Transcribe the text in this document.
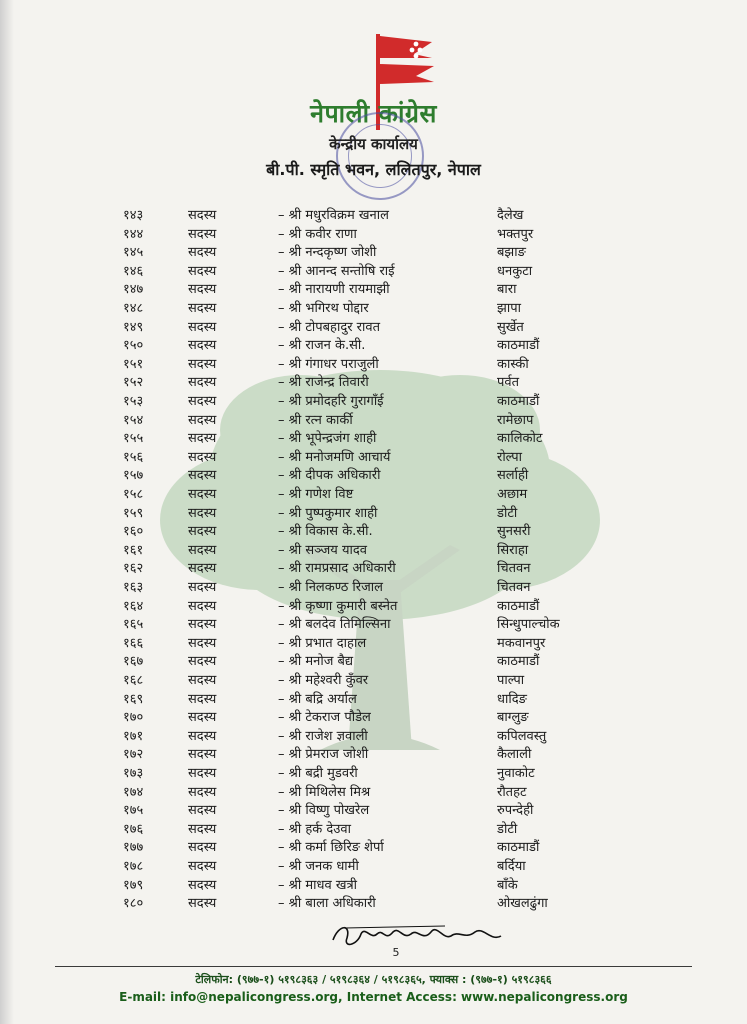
नेपाली कांग्रेस
केन्द्रीय कार्यालय
बी.पी. स्मृति भवन, ललितपुर, नेपाल
१४३	सदस्य	– श्री मधुरविक्रम खनाल	दैलेख
१४४	सदस्य	– श्री कवीर राणा	भक्तपुर
१४५	सदस्य	– श्री नन्दकृष्ण जोशी	बझाङ
१४६	सदस्य	– श्री आनन्द सन्तोषि राई	धनकुटा
१४७	सदस्य	– श्री नारायणी रायमाझी	बारा
१४८	सदस्य	– श्री भगिरथ पोद्दार	झापा
१४९	सदस्य	– श्री टोपबहादुर रावत	सुर्खेत
१५०	सदस्य	– श्री राजन के.सी.	काठमाडौं
१५१	सदस्य	– श्री गंगाधर पराजुली	कास्की
१५२	सदस्य	– श्री राजेन्द्र तिवारी	पर्वत
१५३	सदस्य	– श्री प्रमोदहरि गुरागाँई	काठमाडौं
१५४	सदस्य	– श्री रत्न कार्की	रामेछाप
१५५	सदस्य	– श्री भूपेन्द्रजंग शाही	कालिकोट
१५६	सदस्य	– श्री मनोजमणि आचार्य	रोल्पा
१५७	सदस्य	– श्री दीपक अधिकारी	सर्लाही
१५८	सदस्य	– श्री गणेश विष्ट	अछाम
१५९	सदस्य	– श्री पुष्पकुमार शाही	डोटी
१६०	सदस्य	– श्री विकास के.सी.	सुनसरी
१६१	सदस्य	– श्री सञ्जय यादव	सिराहा
१६२	सदस्य	– श्री रामप्रसाद अधिकारी	चितवन
१६३	सदस्य	– श्री निलकण्ठ रिजाल	चितवन
१६४	सदस्य	– श्री कृष्णा कुमारी बस्नेत	काठमाडौं
१६५	सदस्य	– श्री बलदेव तिमिल्सिना	सिन्धुपाल्चोक
१६६	सदस्य	– श्री प्रभात दाहाल	मकवानपुर
१६७	सदस्य	– श्री मनोज बैद्य	काठमाडौं
१६८	सदस्य	– श्री महेश्वरी कुँवर	पाल्पा
१६९	सदस्य	– श्री बद्रि अर्याल	धादिङ
१७०	सदस्य	– श्री टेकराज पौडेल	बाग्लुङ
१७१	सदस्य	– श्री राजेश ज्ञवाली	कपिलवस्तु
१७२	सदस्य	– श्री प्रेमराज जोशी	कैलाली
१७३	सदस्य	– श्री बद्री मुडवरी	नुवाकोट
१७४	सदस्य	– श्री मिथिलेस मिश्र	रौतहट
१७५	सदस्य	– श्री विष्णु पोखरेल	रुपन्देही
१७६	सदस्य	– श्री हर्क देउवा	डोटी
१७७	सदस्य	– श्री कर्मा छिरिङ शेर्पा	काठमाडौं
१७८	सदस्य	– श्री जनक धामी	बर्दिया
१७९	सदस्य	– श्री माधव खत्री	बाँके
१८०	सदस्य	– श्री बाला अधिकारी	ओखलढुंगा
5
टेलिफोन: (९७७-१) ५१९८३६३ / ५१९८३६४ / ५१९८३६५, फ्याक्स : (९७७-१) ५१९८३६६
E-mail: info@nepalicongress.org, Internet Access: www.nepalicongress.org
